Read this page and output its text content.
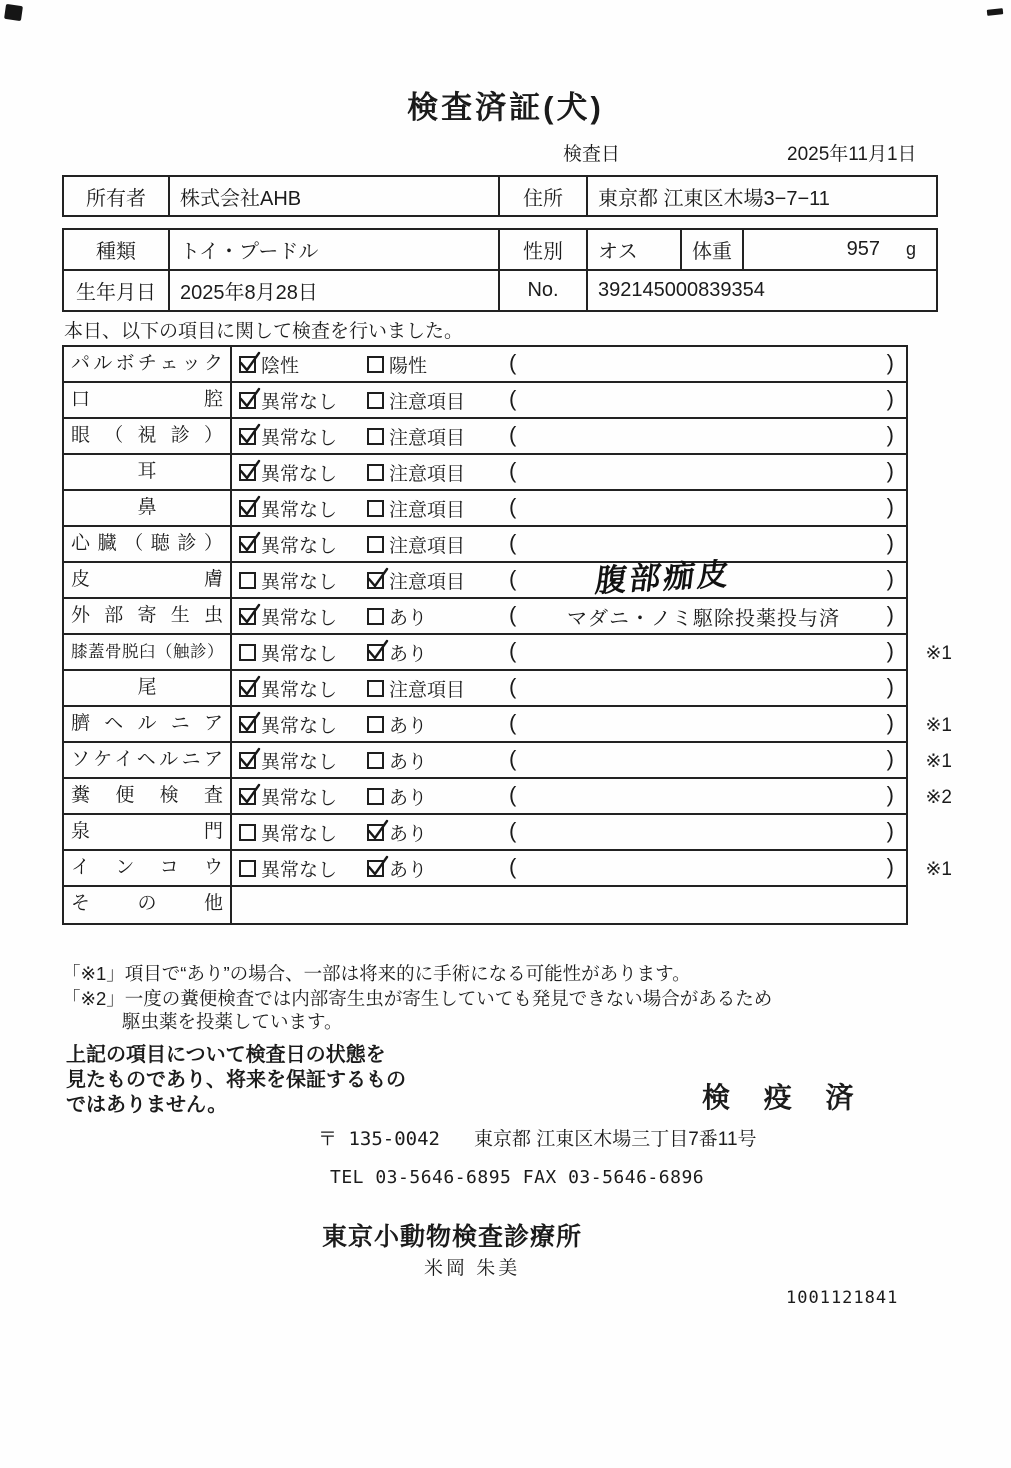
検査済証(犬)
検査日	2025年11月1日
所有者	株式会社AHB	住所	東京都 江東区木場3−7−11
種類	トイ・プードル	性別	オス	体重	957	g
生年月日	2025年8月28日	No.	392145000839354
本日、以下の項目に関して検査を行いました。
パルボチェック	陰性	陽性	(	)
口腔	異常なし	注意項目 (	)
眼（視診）	異常なし	注意項目 (	)
耳	異常なし	注意項目 (	)
鼻	異常なし	注意項目 (	)
心臓（聴診）	異常なし	注意項目 (	)
皮膚	異常なし	注意項目 ( 腹部痂皮	)
外部寄生虫	異常なし	あり	(	マダニ・ノミ駆除投薬投与済	)
膝蓋骨脱臼（触診）	異常なし	あり	(	) ※1
尾	異常なし	注意項目 (	)
臍ヘルニア	異常なし	あり	(	) ※1
ソケイヘルニア	異常なし	あり	(	) ※1
糞便検査	異常なし	あり	(	) ※2
泉門	異常なし	あり	(	)
インコウ	異常なし	あり	(	) ※1
その他
「※1」項目で“あり”の場合、一部は将来的に手術になる可能性があります。
「※2」一度の糞便検査では内部寄生虫が寄生していても発見できない場合があるため
駆虫薬を投薬しています。
上記の項目について検査日の状態を
見たものであり、将来を保証するもの
ではありません。	検 疫 済
〒 135-0042 東京都 江東区木場三丁目7番11号
TEL 03-5646-6895 FAX 03-5646-6896
東京小動物検査診療所
米岡 朱美
1001121841
